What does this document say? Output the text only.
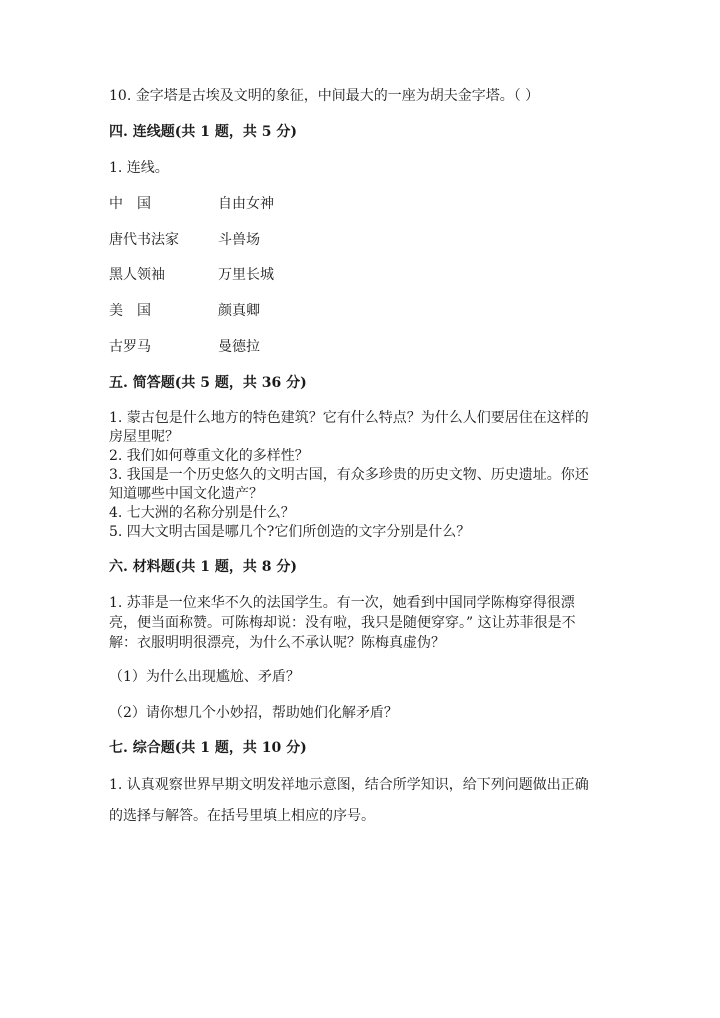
10. 金字塔是古埃及文明的象征，中间最大的一座为胡夫金字塔。（ ）
四. 连线题(共 1 题，共 5 分)
1. 连线。
中　国	自由女神
唐代书法家	斗兽场
黑人领袖	万里长城
美　国	颜真卿
古罗马	曼德拉
五. 简答题(共 5 题，共 36 分)
1. 蒙古包是什么地方的特色建筑？它有什么特点？为什么人们要居住在这样的
房屋里呢？
2. 我们如何尊重文化的多样性？
3. 我国是一个历史悠久的文明古国，有众多珍贵的历史文物、历史遗址。你还
知道哪些中国文化遗产？
4. 七大洲的名称分别是什么？
5. 四大文明古国是哪几个?它们所创造的文字分别是什么？
六. 材料题(共 1 题，共 8 分)
1. 苏菲是一位来华不久的法国学生。有一次，她看到中国同学陈梅穿得很漂
亮，便当面称赞。可陈梅却说：没有啦，我只是随便穿穿。” 这让苏菲很是不
解：衣服明明很漂亮，为什么不承认呢？陈梅真虚伪？
（1）为什么出现尴尬、矛盾？
（2）请你想几个小妙招，帮助她们化解矛盾？
七. 综合题(共 1 题，共 10 分)
1. 认真观察世界早期文明发祥地示意图，结合所学知识，给下列问题做出正确
的选择与解答。在括号里填上相应的序号。
